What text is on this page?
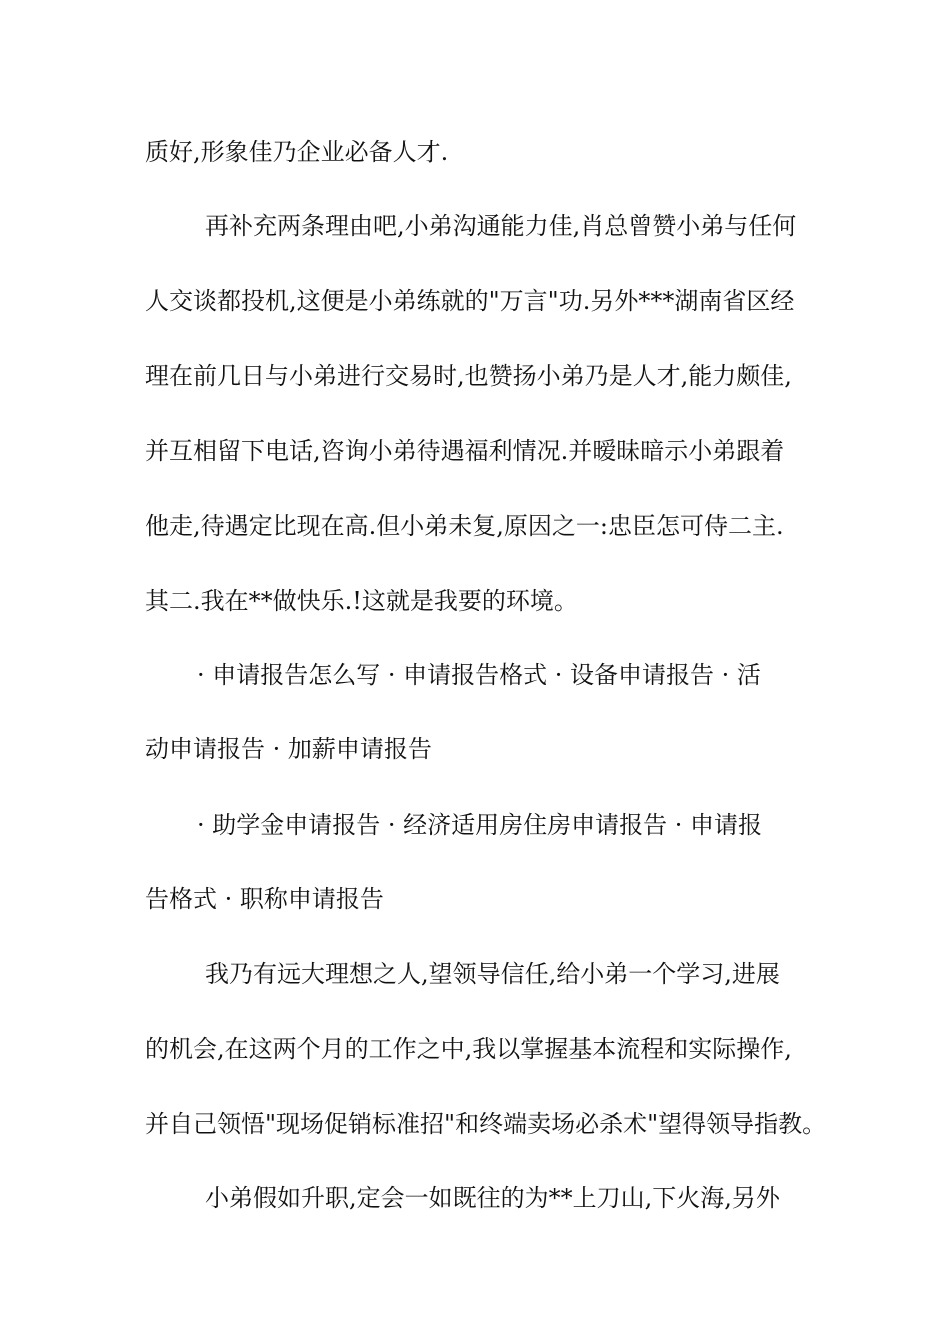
质好,形象佳乃企业必备人才.
再补充两条理由吧,小弟沟通能力佳,肖总曾赞小弟与任何
人交谈都投机,这便是小弟练就的"万言"功.另外***湖南省区经
理在前几日与小弟进行交易时,也赞扬小弟乃是人才,能力颇佳,
并互相留下电话,咨询小弟待遇福利情况.并暧昧暗示小弟跟着
他走,待遇定比现在高.但小弟未复,原因之一:忠臣怎可侍二主.
其二.我在**做快乐.!这就是我要的环境。
· 申请报告怎么写 · 申请报告格式 · 设备申请报告 · 活
动申请报告 · 加薪申请报告
· 助学金申请报告 · 经济适用房住房申请报告 · 申请报
告格式 · 职称申请报告
我乃有远大理想之人,望领导信任,给小弟一个学习,进展
的机会,在这两个月的工作之中,我以掌握基本流程和实际操作,
并自己领悟"现场促销标准招"和终端卖场必杀术"望得领导指教。
小弟假如升职,定会一如既往的为**上刀山,下火海,另外
